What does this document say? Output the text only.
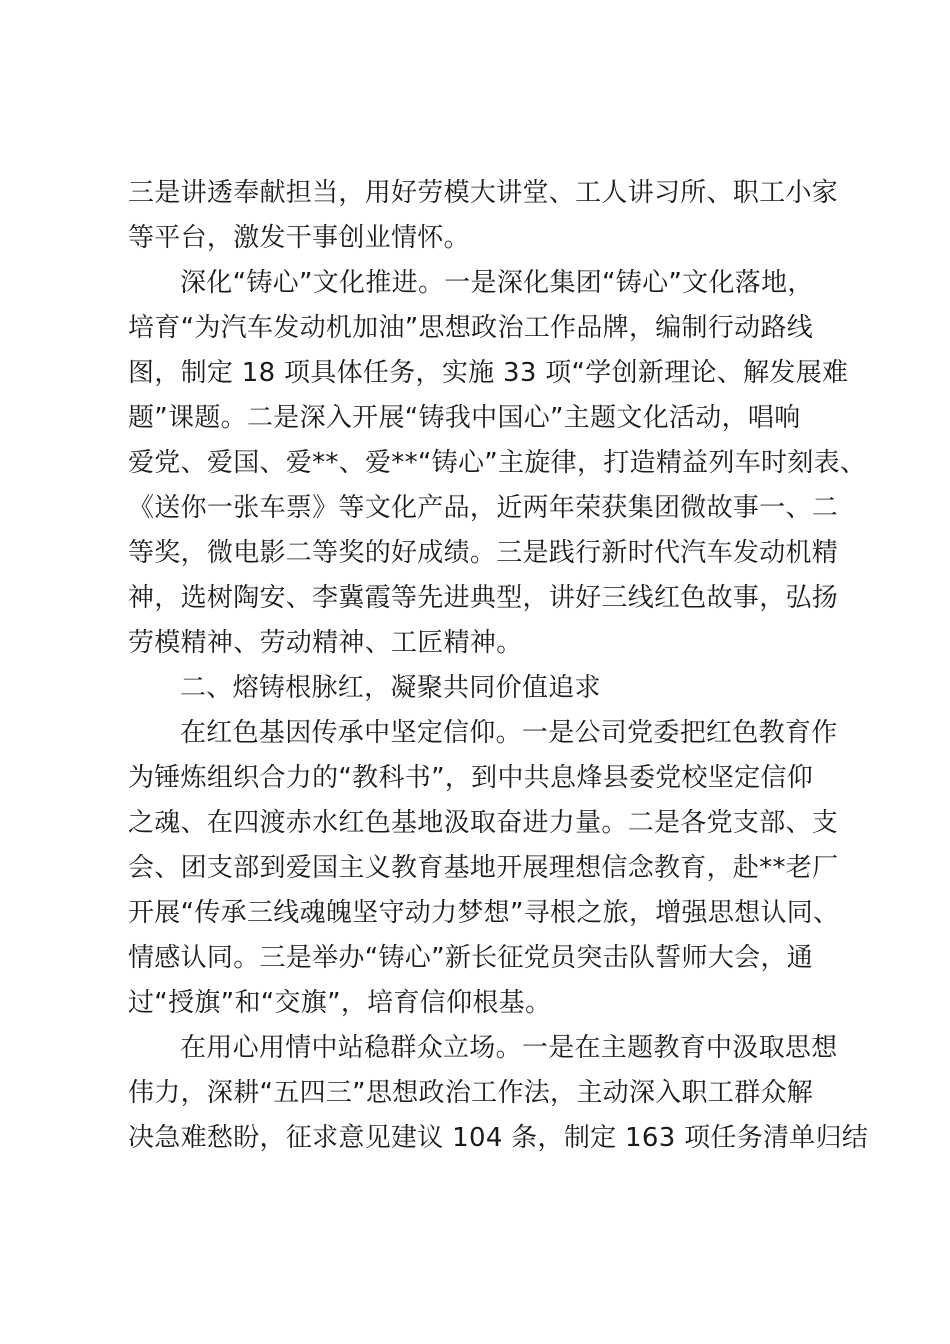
三是讲透奉献担当，用好劳模大讲堂、工人讲习所、职工小家
等平台，激发干事创业情怀。
深化“铸心”文化推进。一是深化集团“铸心”文化落地，
培育“为汽车发动机加油”思想政治工作品牌，编制行动路线
图，制定 18 项具体任务，实施 33 项“学创新理论、解发展难
题”课题。二是深入开展“铸我中国心”主题文化活动，唱响
爱党、爱国、爱**、爱**“铸心”主旋律，打造精益列车时刻表、
《送你一张车票》等文化产品，近两年荣获集团微故事一、二
等奖，微电影二等奖的好成绩。三是践行新时代汽车发动机精
神，选树陶安、李冀霞等先进典型，讲好三线红色故事，弘扬
劳模精神、劳动精神、工匠精神。
二、熔铸根脉红，凝聚共同价值追求
在红色基因传承中坚定信仰。一是公司党委把红色教育作
为锤炼组织合力的“教科书”，到中共息烽县委党校坚定信仰
之魂、在四渡赤水红色基地汲取奋进力量。二是各党支部、支
会、团支部到爱国主义教育基地开展理想信念教育，赴**老厂
开展“传承三线魂魄坚守动力梦想”寻根之旅，增强思想认同、
情感认同。三是举办“铸心”新长征党员突击队誓师大会，通
过“授旗”和“交旗”，培育信仰根基。
在用心用情中站稳群众立场。一是在主题教育中汲取思想
伟力，深耕“五四三”思想政治工作法，主动深入职工群众解
决急难愁盼，征求意见建议 104 条，制定 163 项任务清单归结
